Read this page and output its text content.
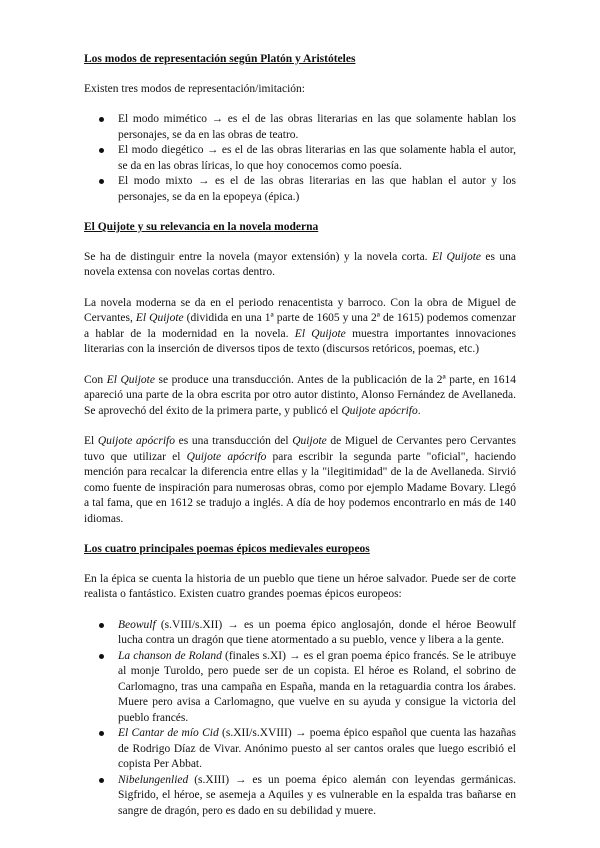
Los modos de representación según Platón y Aristóteles

Existen tres modos de representación/imitación:

El modo mimético → es el de las obras literarias en las que solamente hablan los personajes, se da en las obras de teatro.
El modo diegético → es el de las obras literarias en las que solamente habla el autor, se da en las obras líricas, lo que hoy conocemos como poesía.
El modo mixto → es el de las obras literarias en las que hablan el autor y los personajes, se da en la epopeya (épica.)
El Quijote y su relevancia en la novela moderna

Se ha de distinguir entre la novela (mayor extensión) y la novela corta. El Quijote es una novela extensa con novelas cortas dentro.

La novela moderna se da en el periodo renacentista y barroco. Con la obra de Miguel de Cervantes, El Quijote (dividida en una 1ª parte de 1605 y una 2ª de 1615) podemos comenzar a hablar de la modernidad en la novela. El Quijote muestra importantes innovaciones literarias con la inserción de diversos tipos de texto (discursos retóricos, poemas, etc.)

Con El Quijote se produce una transducción. Antes de la publicación de la 2ª parte, en 1614 apareció una parte de la obra escrita por otro autor distinto, Alonso Fernández de Avellaneda. Se aprovechó del éxito de la primera parte, y publicó el Quijote apócrifo.

El Quijote apócrifo es una transducción del Quijote de Miguel de Cervantes pero Cervantes tuvo que utilizar el Quijote apócrifo para escribir la segunda parte "oficial", haciendo mención para recalcar la diferencia entre ellas y la "ilegitimidad" de la de Avellaneda. Sirvió como fuente de inspiración para numerosas obras, como por ejemplo Madame Bovary. Llegó a tal fama, que en 1612 se tradujo a inglés. A día de hoy podemos encontrarlo en más de 140 idiomas.

Los cuatro principales poemas épicos medievales europeos

En la épica se cuenta la historia de un pueblo que tiene un héroe salvador. Puede ser de corte realista o fantástico. Existen cuatro grandes poemas épicos europeos:

Beowulf (s.VIII/s.XII) → es un poema épico anglosajón, donde el héroe Beowulf lucha contra un dragón que tiene atormentado a su pueblo, vence y libera a la gente.
La chanson de Roland (finales s.XI) → es el gran poema épico francés. Se le atribuye al monje Turoldo, pero puede ser de un copista. El héroe es Roland, el sobrino de Carlomagno, tras una campaña en España, manda en la retaguardia contra los árabes. Muere pero avisa a Carlomagno, que vuelve en su ayuda y consigue la victoria del pueblo francés.
El Cantar de mío Cid (s.XII/s.XVIII) → poema épico español que cuenta las hazañas de Rodrigo Díaz de Vivar. Anónimo puesto al ser cantos orales que luego escribió el copista Per Abbat.
Nibelungenlied (s.XIII) → es un poema épico alemán con leyendas germánicas. Sigfrido, el héroe, se asemeja a Aquiles y es vulnerable en la espalda tras bañarse en sangre de dragón, pero es dado en su debilidad y muere.
